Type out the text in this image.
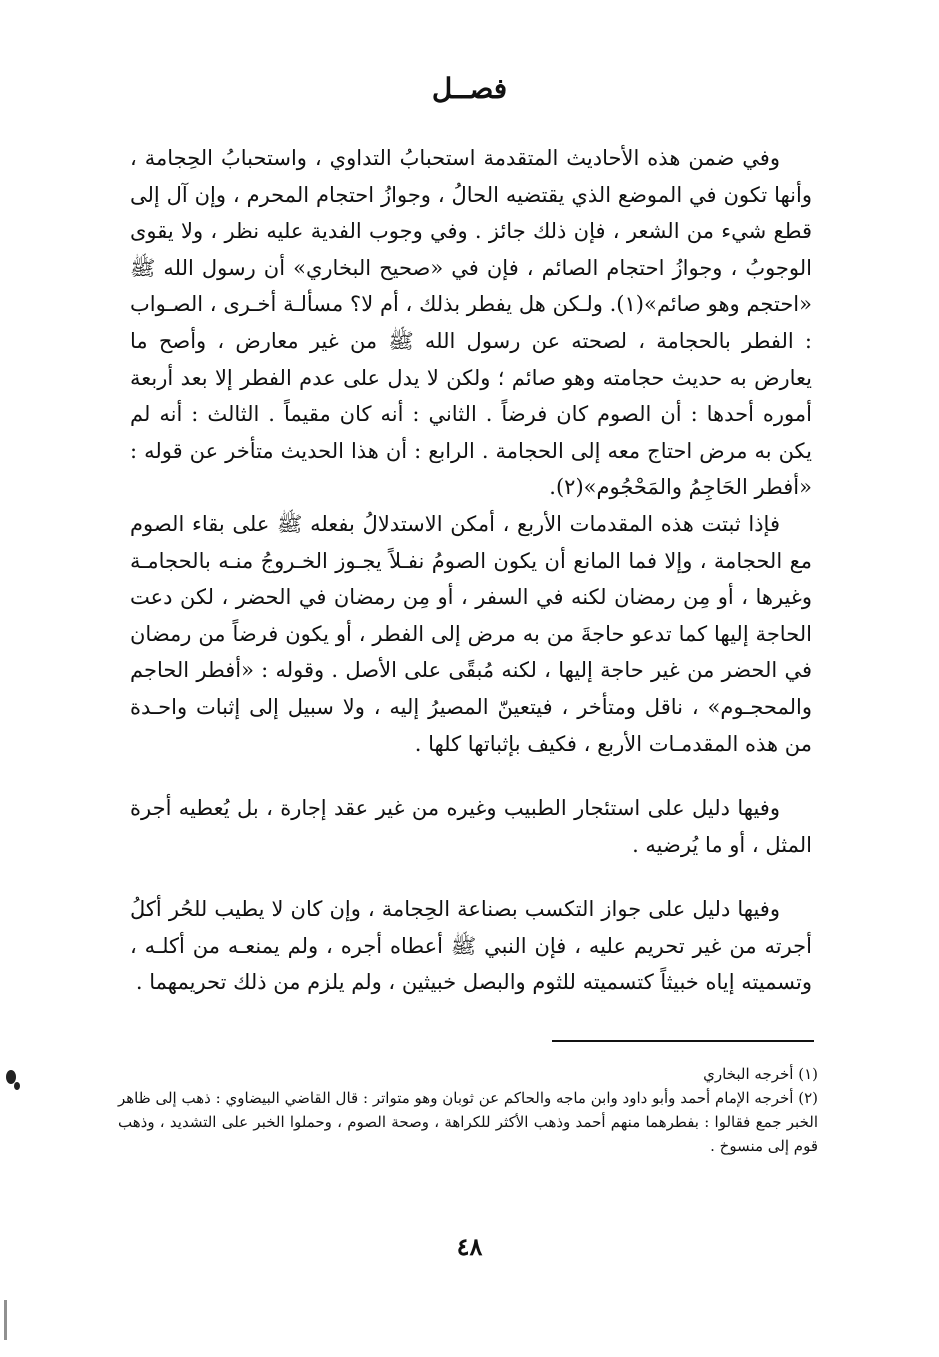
فصــل

وفي ضمن هذه الأحاديث المتقدمة استحبابُ التداوي ، واستحبابُ الحِجامة ، وأنها تكون في الموضع الذي يقتضيه الحالُ ، وجوازُ احتجام المحرم ، وإن آل إلى قطع شيء من الشعر ، فإن ذلك جائز . وفي وجوب الفدية عليه نظر ، ولا يقوى الوجوبُ ، وجوازُ احتجام الصائم ، فإن في «صحيح البخاري» أن رسول الله ﷺ «احتجم وهو صائم»(١). ولـكن هل يفطر بذلك ، أم لا؟ مسألـة أخـرى ، الصـواب : الفطر بالحجامة ، لصحته عن رسول الله ﷺ من غير معارض ، وأصح ما يعارض به حديث حجامته وهو صائم ؛ ولكن لا يدل على عدم الفطر إلا بعد أربعة أموره أحدها : أن الصوم كان فرضاً . الثاني : أنه كان مقيماً . الثالث : أنه لم يكن به مرض احتاج معه إلى الحجامة . الرابع : أن هذا الحديث متأخر عن قوله : «أفطر الحَاجِمُ والمَحْجُوم»(٢).

فإذا ثبتت هذه المقدمات الأربع ، أمكن الاستدلالُ بفعله ﷺ على بقاء الصوم مع الحجامة ، وإلا فما المانع أن يكون الصومُ نفـلاً يجـوز الخـروجُ منـه بالحجامـة وغيرها ، أو مِن رمضان لكنه في السفر ، أو مِن رمضان في الحضر ، لكن دعت الحاجة إليها كما تدعو حاجةَ من به مرض إلى الفطر ، أو يكون فرضاً من رمضان في الحضر من غير حاجة إليها ، لكنه مُبقًى على الأصل . وقوله : «أفطر الحاجم والمحجـوم» ، ناقل ومتأخر ، فيتعينّ المصيرُ إليه ، ولا سبيل إلى إثبات واحـدة من هذه المقدمـات الأربع ، فكيف بإثباتها كلها .

وفيها دليل على استئجار الطبيب وغيره من غير عقد إجارة ، بل يُعطيه أجرة المثل ، أو ما يُرضيه .

وفيها دليل على جواز التكسب بصناعة الحِجامة ، وإن كان لا يطيب للحُر أكلُ أجرته من غير تحريم عليه ، فإن النبي ﷺ أعطاه أجره ، ولم يمنعـه من أكلـه ، وتسميته إياه خبيثاً كتسميته للثوم والبصل خبيثين ، ولم يلزم من ذلك تحريمهما .

(١) أخرجه البخاري

(٢) أخرجه الإمام أحمد وأبو داود وابن ماجه والحاكم عن ثوبان وهو متواتر : قال القاضي البيضاوي : ذهب إلى ظاهر الخبر جمع فقالوا : بفطرهما منهم أحمد وذهب الأكثر للكراهة ، وصحة الصوم ، وحملوا الخبر على التشديد ، وذهب قوم إلى منسوخ .

٤٨
